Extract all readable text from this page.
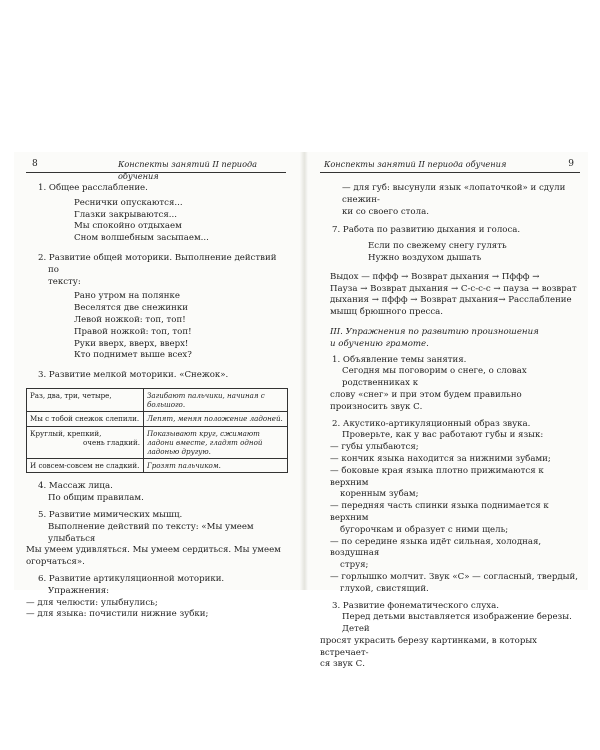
8	Конспекты занятий II периода обучения
1. Общее расслабление.
Реснички опускаются...
Глазки закрываются...
Мы спокойно отдыхаем
Сном волшебным засыпаем...
2. Развитие общей моторики. Выполнение действий по
тексту:
Рано утром на полянке
Веселятся две снежинки
Левой ножкой: топ, топ!
Правой ножкой: топ, топ!
Руки вверх, вверх, вверх!
Кто поднимет выше всех?
3. Развитие мелкой моторики. «Снежок».
Раз, два, три, четыре,	Загибают пальчики, начиная с большого.
Мы с тобой снежок слепили.	Лепят, меняя положение ладоней.

Круглый, крепкий,
очень гладкий.	Показывают круг, сжимают ладони вместе, гладят одной ладонью другую.
И совсем-совсем не сладкий.	Грозят пальчиком.
4. Массаж лица.
По общим правилам.
5. Развитие мимических мышц.
Выполнение действий по тексту: «Мы умеем улыбаться
Мы умеем удивляться. Мы умеем сердиться. Мы умеем
огорчаться».
6. Развитие артикуляционной моторики. Упражнения:
— для челюсти: улыбнулись;
— для языка: почистили нижние зубки;
Конспекты занятий II периода обучения	9
— для губ: высунули язык «лопаточкой» и сдули снежин-
ки со своего стола.
7. Работа по развитию дыхания и голоса.
Если по свежему снегу гулять
Нужно воздухом дышать
Выдох — пффф → Возврат дыхания → Пффф →
Пауза → Возврат дыхания → С-с-с-с → пауза → возврат
дыхания → пффф → Возврат дыхания→ Расслабление
мышц брюшного пресса.
III. Упражнения по развитию произношения
и обучению грамоте.
1. Объявление темы занятия.
Сегодня мы поговорим о снеге, о словах родственниках к
слову «снег» и при этом будем правильно произносить звук С.
2. Акустико-артикуляционный образ звука.
Проверьте, как у вас работают губы и язык:
— губы улыбаются;
— кончик языка находится за нижними зубами;
— боковые края языка плотно прижимаются к верхним
коренным зубам;
— передняя часть спинки языка поднимается к верхним
бугорочкам и образует с ними щель;
— по середине языка идёт сильная, холодная, воздушная
струя;
— горлышко молчит. Звук «С» — согласный, твердый,
глухой, свистящий.
3. Развитие фонематического слуха.
Перед детьми выставляется изображение березы. Детей
просят украсить березу картинками, в которых встречает-
ся звук С.
